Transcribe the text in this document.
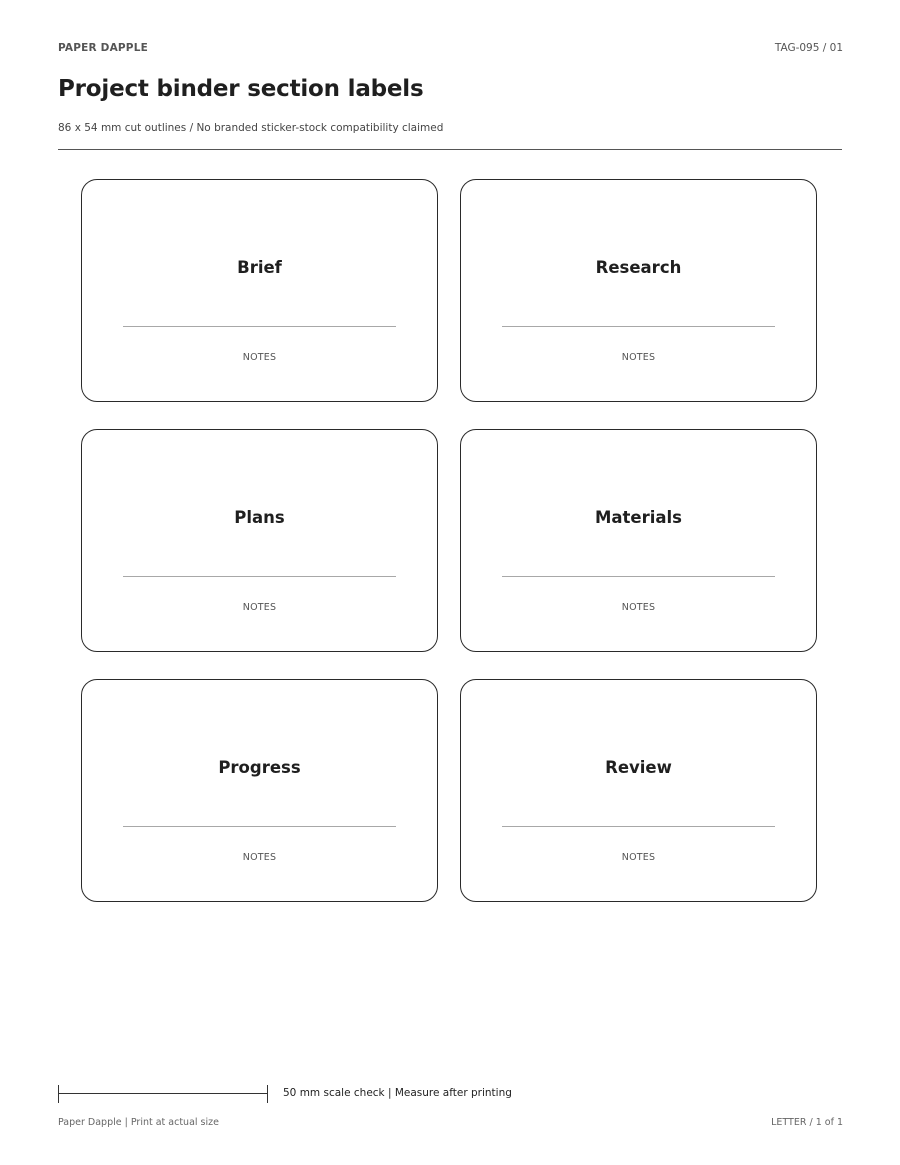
PAPER DAPPLE	TAG-095 / 01
Project binder section labels
86 x 54 mm cut outlines / No branded sticker-stock compatibility claimed
Brief
NOTES
Research
NOTES
Plans
NOTES
Materials
NOTES
Progress
NOTES
Review
NOTES
50 mm scale check | Measure after printing
Paper Dapple | Print at actual size	LETTER / 1 of 1
